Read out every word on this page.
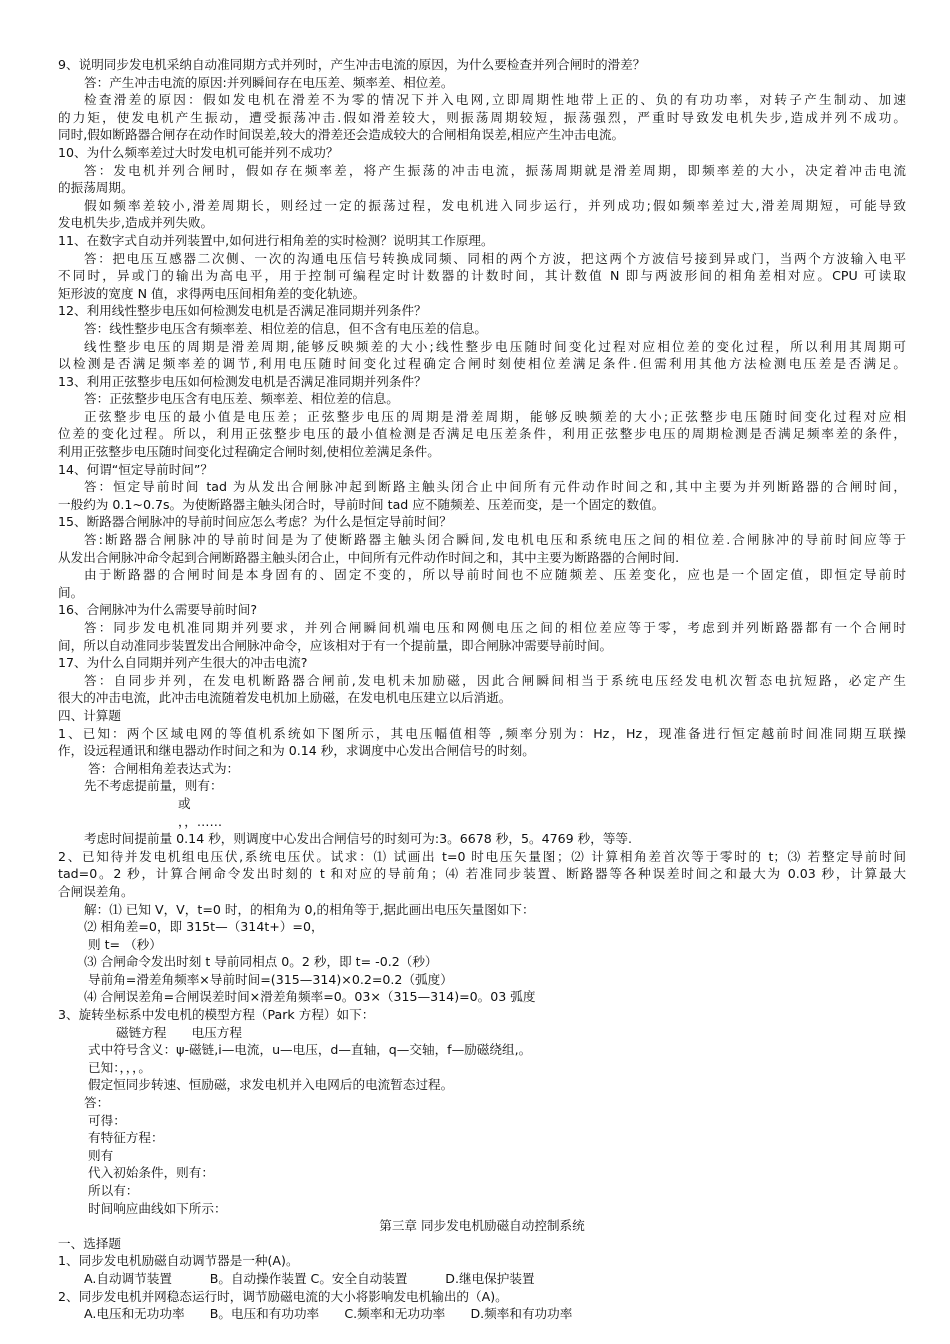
9、说明同步发电机采纳自动准同期方式并列时，产生冲击电流的原因，为什么要检查并列合闸时的滑差？
答：产生冲击电流的原因:并列瞬间存在电压差、频率差、相位差。
检查滑差的原因：假如发电机在滑差不为零的情况下并入电网,立即周期性地带上正的、负的有功功率，对转子产生制动、加速
的力矩，使发电机产生振动，遭受振荡冲击.假如滑差较大，则振荡周期较短，振荡强烈，严重时导致发电机失步,造成并列不成功。
同时,假如断路器合闸存在动作时间误差,较大的滑差还会造成较大的合闸相角误差,相应产生冲击电流。
10、为什么频率差过大时发电机可能并列不成功？
答：发电机并列合闸时，假如存在频率差，将产生振荡的冲击电流，振荡周期就是滑差周期，即频率差的大小，决定着冲击电流
的振荡周期。
假如频率差较小,滑差周期长，则经过一定的振荡过程，发电机进入同步运行，并列成功;假如频率差过大,滑差周期短，可能导致
发电机失步,造成并列失败。
11、在数字式自动并列装置中,如何进行相角差的实时检测？说明其工作原理。
答：把电压互感器二次侧、一次的沟通电压信号转换成同频、同相的两个方波，把这两个方波信号接到异或门，当两个方波输入电平
不同时，异或门的输出为高电平，用于控制可编程定时计数器的计数时间，其计数值 N 即与两波形间的相角差相对应。CPU 可读取
矩形波的宽度 N 值，求得两电压间相角差的变化轨迹。
12、利用线性整步电压如何检测发电机是否满足准同期并列条件？
答：线性整步电压含有频率差、相位差的信息，但不含有电压差的信息。
线性整步电压的周期是滑差周期,能够反映频差的大小;线性整步电压随时间变化过程对应相位差的变化过程，所以利用其周期可
以检测是否满足频率差的调节,利用电压随时间变化过程确定合闸时刻使相位差满足条件.但需利用其他方法检测电压差是否满足。
13、利用正弦整步电压如何检测发电机是否满足准同期并列条件？
答：正弦整步电压含有电压差、频率差、相位差的信息。
正弦整步电压的最小值是电压差；正弦整步电压的周期是滑差周期，能够反映频差的大小;正弦整步电压随时间变化过程对应相
位差的变化过程。所以，利用正弦整步电压的最小值检测是否满足电压差条件，利用正弦整步电压的周期检测是否满足频率差的条件，
利用正弦整步电压随时间变化过程确定合闸时刻,使相位差满足条件。
14、何谓“恒定导前时间”？
答：恒定导前时间 tad 为从发出合闸脉冲起到断路主触头闭合止中间所有元件动作时间之和,其中主要为并列断路器的合闸时间，
一般约为 0.1~0.7s。为使断路器主触头闭合时，导前时间 tad 应不随频差、压差而变，是一个固定的数值。
15、断路器合闸脉冲的导前时间应怎么考虑？为什么是恒定导前时间？
答:断路器合闸脉冲的导前时间是为了使断路器主触头闭合瞬间,发电机电压和系统电压之间的相位差.合闸脉冲的导前时间应等于
从发出合闸脉冲命令起到合闸断路器主触头闭合止，中间所有元件动作时间之和，其中主要为断路器的合闸时间.
由于断路器的合闸时间是本身固有的、固定不变的，所以导前时间也不应随频差、压差变化，应也是一个固定值，即恒定导前时
间。
16、合闸脉冲为什么需要导前时间?
答：同步发电机准同期并列要求，并列合闸瞬间机端电压和网侧电压之间的相位差应等于零，考虑到并列断路器都有一个合闸时
间，所以自动准同步装置发出合闸脉冲命令，应该相对于有一个提前量，即合闸脉冲需要导前时间。
17、为什么自同期并列产生很大的冲击电流?
答：自同步并列，在发电机断路器合闸前,发电机未加励磁，因此合闸瞬间相当于系统电压经发电机次暂态电抗短路，必定产生
很大的冲击电流，此冲击电流随着发电机加上励磁，在发电机电压建立以后消逝。
四、计算题
1、已知：两个区域电网的等值机系统如下图所示，其电压幅值相等 ,频率分别为：Hz，Hz，现准备进行恒定越前时间准同期互联操
作，设远程通讯和继电器动作时间之和为 0.14 秒，求调度中心发出合闸信号的时刻。
答：合闸相角差表达式为：
先不考虑提前量，则有：
或
，，……
考虑时间提前量 0.14 秒，则调度中心发出合闸信号的时刻可为:3。6678 秒，5。4769 秒，等等.
2、已知待并发电机组电压伏,系统电压伏。试求：⑴ 试画出 t=0 时电压矢量图；⑵ 计算相角差首次等于零时的 t；⑶ 若整定导前时间
tad=0。2 秒，计算合闸命令发出时刻的 t 和对应的导前角；⑷ 若准同步装置、断路器等各种误差时间之和最大为 0.03 秒，计算最大
合闸误差角。
解：⑴ 已知 V，V，t=0 时，的相角为 0,的相角等于,据此画出电压矢量图如下：
⑵ 相角差=0，即 315t—（314t+）=0，
则 t= （秒）
⑶ 合闸命令发出时刻 t 导前同相点 0。2 秒，即 t= -0.2（秒）
导前角=滑差角频率×导前时间=(315—314)×0.2=0.2（弧度）
⑷ 合闸误差角=合闸误差时间×滑差角频率=0。03×（315—314)=0。03 弧度
3、旋转坐标系中发电机的模型方程（Park 方程）如下：
磁链方程　　电压方程
式中符号含义：ψ-磁链,i—电流，u—电压，d—直轴，q—交轴，f—励磁绕组,。
已知：，，，。
假定恒同步转速、恒励磁，求发电机并入电网后的电流暂态过程。
答：
可得：
有特征方程：
则有
代入初始条件，则有：
所以有：
时间响应曲线如下所示：
第三章 同步发电机励磁自动控制系统
一、选择题
1、同步发电机励磁自动调节器是一种(A)。
A.自动调节装置　　　B。自动操作装置 C。安全自动装置　　　D.继电保护装置
2、同步发电机并网稳态运行时，调节励磁电流的大小将影响发电机输出的（A)。
A.电压和无功功率　　B。电压和有功功率　　C.频率和无功功率　　D.频率和有功功率
